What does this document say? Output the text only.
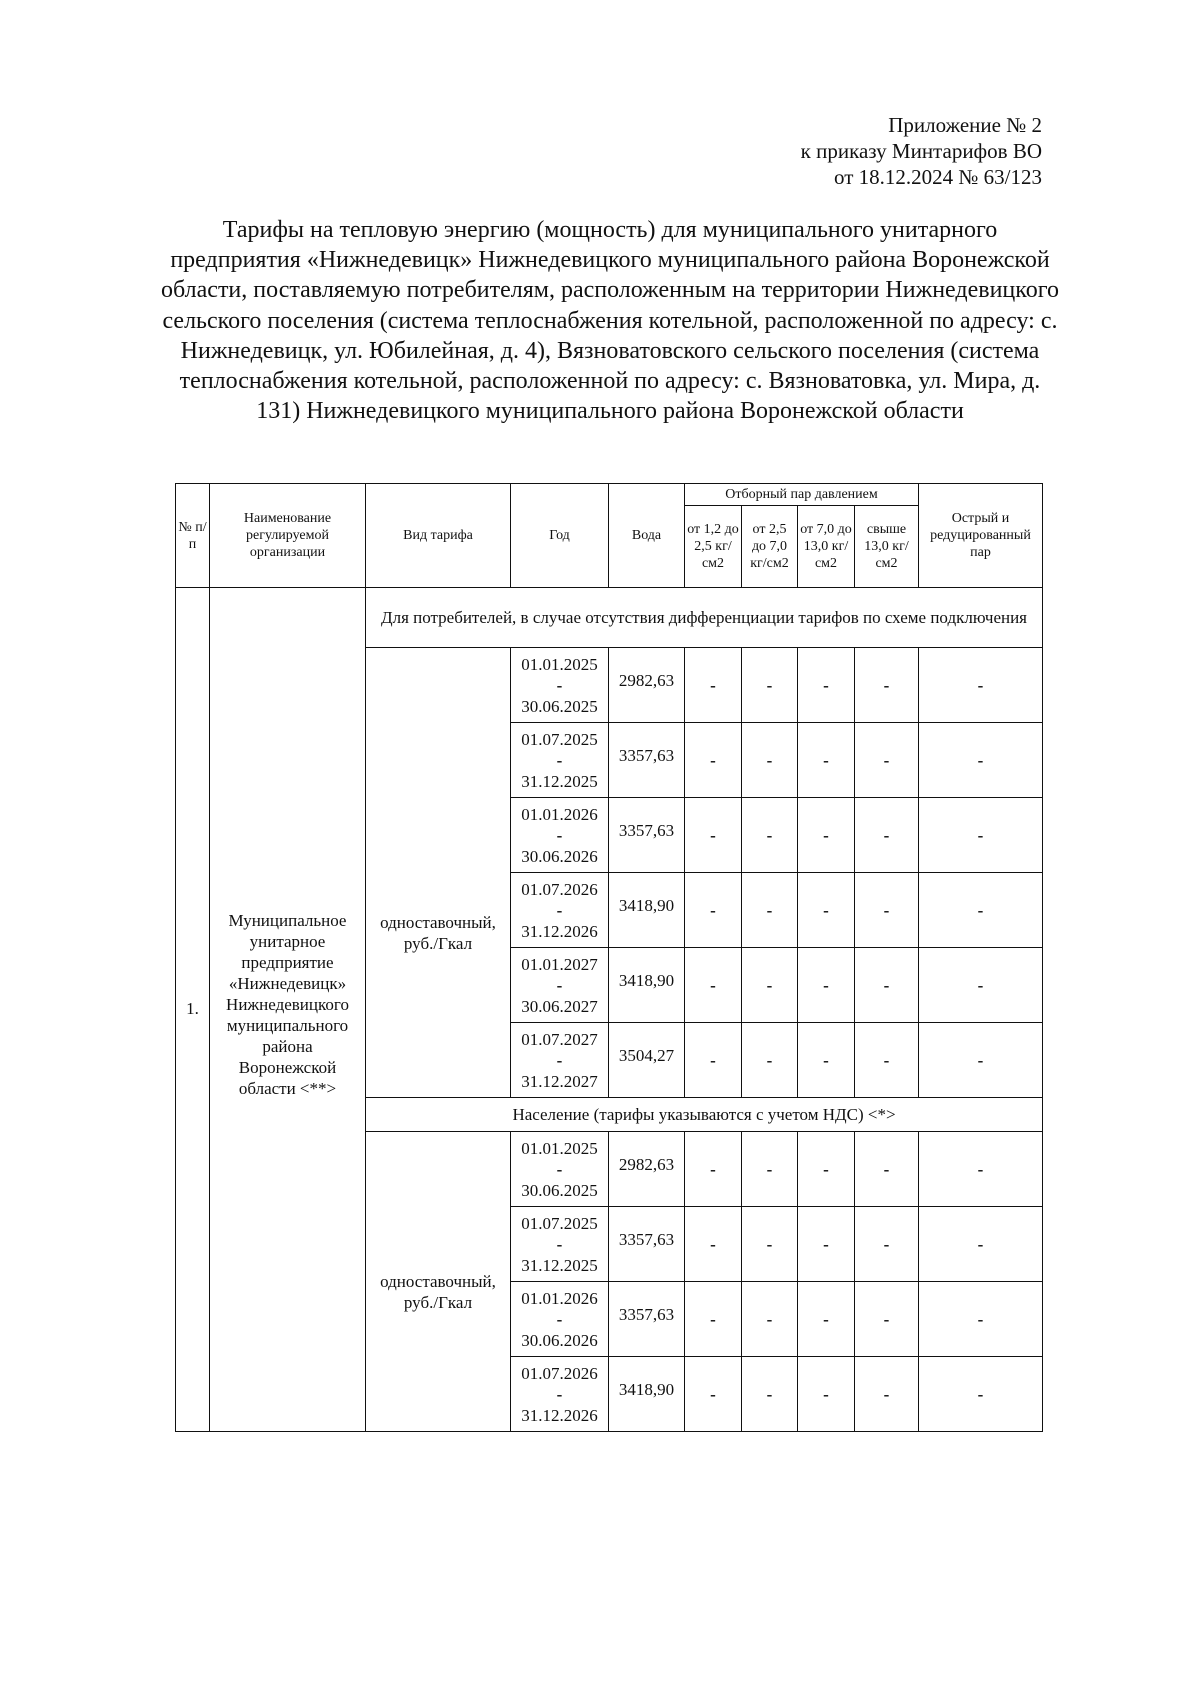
Приложение № 2
к приказу Минтарифов ВО
от 18.12.2024 № 63/123
Тарифы на тепловую энергию (мощность) для муниципального унитарного предприятия «Нижнедевицк» Нижнедевицкого муниципального района Воронежской области, поставляемую потребителям, расположенным на территории Нижнедевицкого сельского поселения (система теплоснабжения котельной, расположенной по адресу: с. Нижнедевицк, ул. Юбилейная, д. 4), Вязноватовского сельского поселения (система теплоснабжения котельной, расположенной по адресу: с. Вязноватовка, ул. Мира, д. 131) Нижнедевицкого муниципального района Воронежской области
№ п/п	Наименование регулируемой организации	Вид тарифа	Год	Вода	Отборный пар давлением				Острый и редуцированный пар
					от 1,2 до 2,5 кг/см2	от 2,5 до 7,0 кг/см2	от 7,0 до 13,0 кг/см2	свыше 13,0 кг/см2	
1.	Муниципальное унитарное предприятие «Нижнедевицк» Нижнедевицкого муниципального района Воронежской области <**>	Для потребителей, в случае отсутствия дифференциации тарифов по схеме подключения							
		одноставочный, руб./Гкал	01.01.2025
-
30.06.2025	2982,63	-	-	-	-	-

			01.07.2025
-
31.12.2025	3357,63	-	-	-	-	-

			01.01.2026
-
30.06.2026	3357,63	-	-	-	-	-

			01.07.2026
-
31.12.2026	3418,90	-	-	-	-	-

			01.01.2027
-
30.06.2027	3418,90	-	-	-	-	-

			01.07.2027
-
31.12.2027	3504,27	-	-	-	-	-
		Население (тарифы указываются с учетом НДС) <*>							
		одноставочный, руб./Гкал	01.01.2025
-
30.06.2025	2982,63	-	-	-	-	-

			01.07.2025
-
31.12.2025	3357,63	-	-	-	-	-

			01.01.2026
-
30.06.2026	3357,63	-	-	-	-	-

			01.07.2026
-
31.12.2026	3418,90	-	-	-	-	-
